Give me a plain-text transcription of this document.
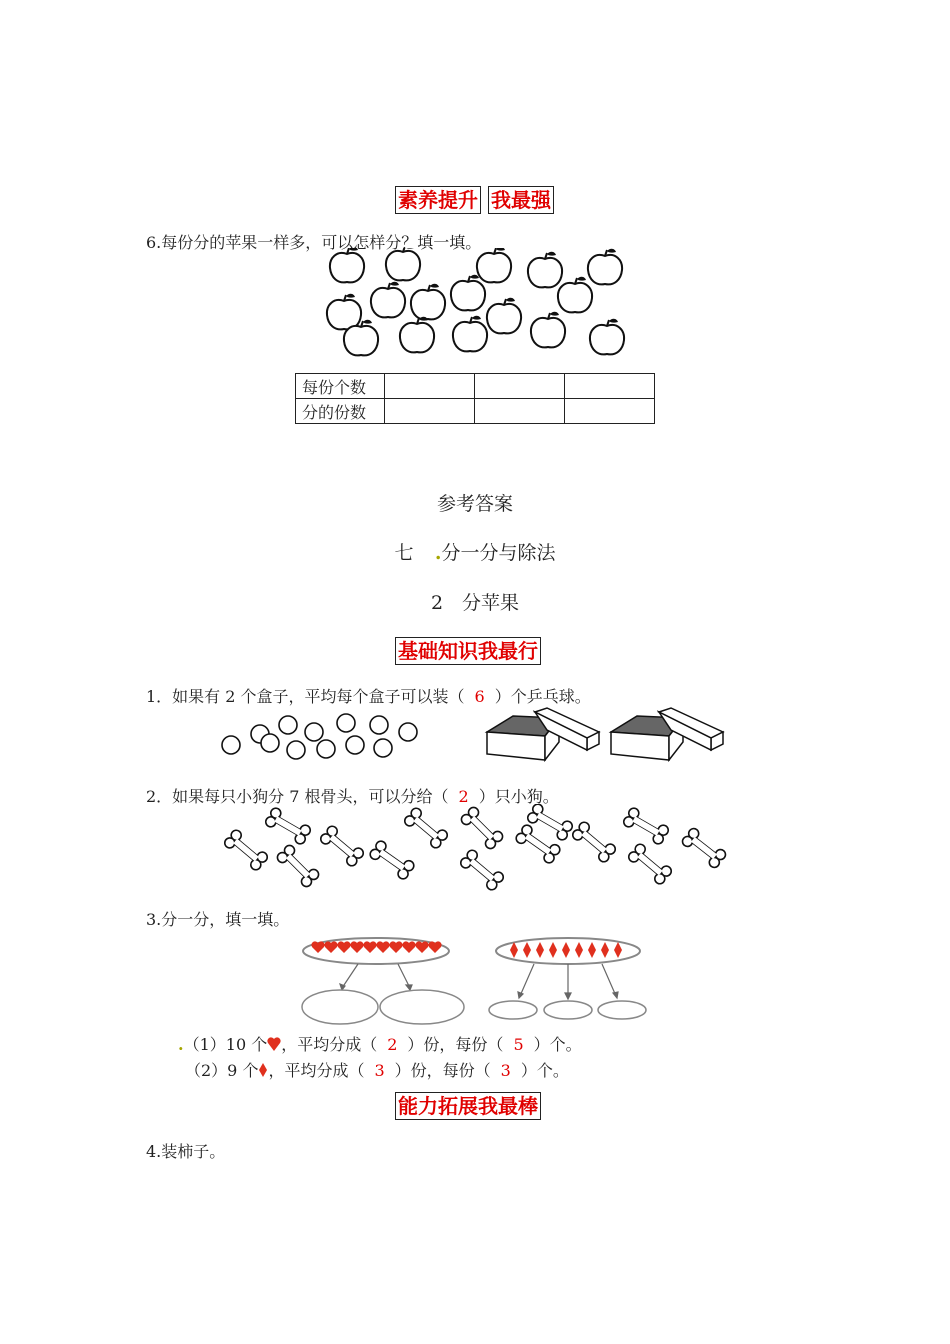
素养提升 我最强
6.每份分的苹果一样多，可以怎样分？填一填。
每份个数			
分的份数			
参考答案
七 .分一分与除法
2　分苹果
基础知识我最行
1．如果有 2 个盒子，平均每个盒子可以装（ 6 ）个乒乓球。
2．如果每只小狗分 7 根骨头，可以分给（ 2 ）只小狗。
3.分一分，填一填。
.（1）10 个 ，平均分成（ 2 ）份，每份（ 5 ）个。
（2）9 个 ，平均分成（ 3 ）份，每份（ 3 ）个。
能力拓展我最棒
4.装柿子。
